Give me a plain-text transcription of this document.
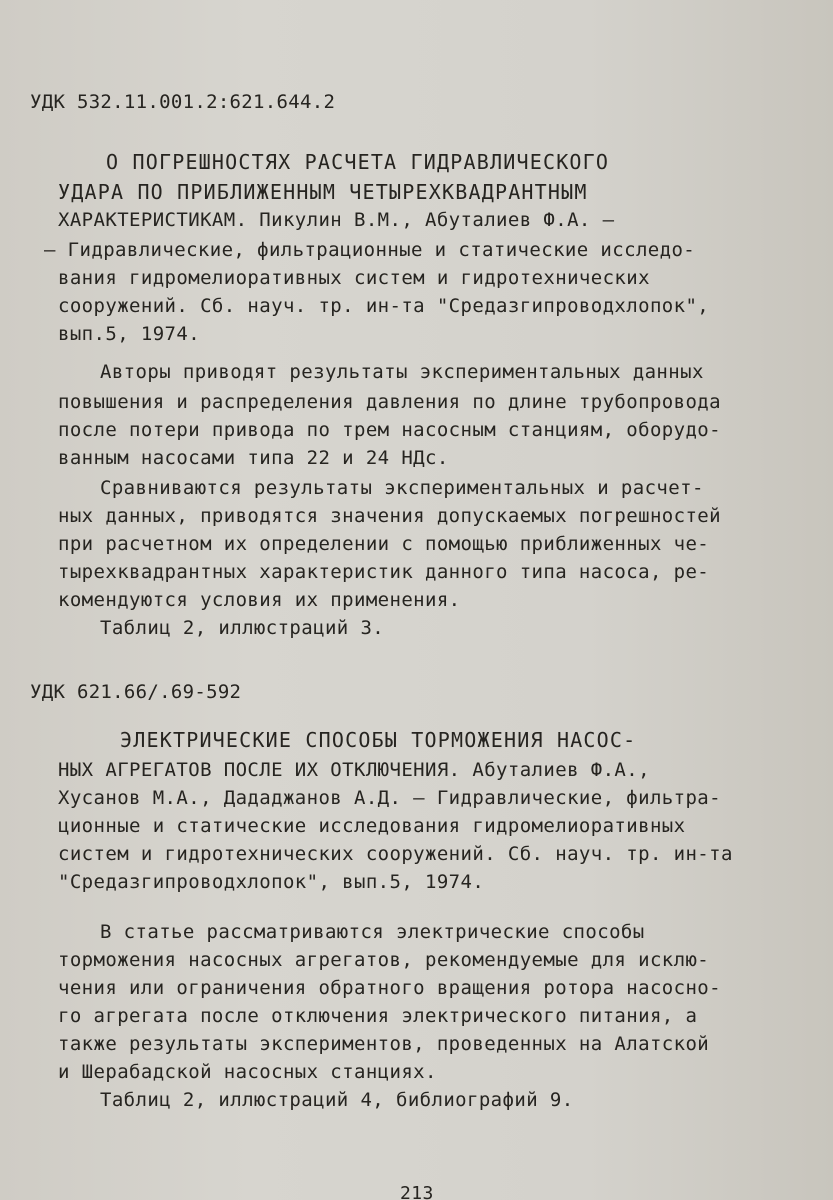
УДК 532.11.001.2:621.644.2
О ПОГРЕШНОСТЯХ РАСЧЕТА ГИДРАВЛИЧЕСКОГО
УДАРА ПО ПРИБЛИЖЕННЫМ ЧЕТЫРЕХКВАДРАНТНЫМ
ХАРАКТЕРИСТИКАМ. Пикулин В.М., Абуталиев Ф.А. –
– Гидравлические, фильтрационные и статические исследо-
вания гидромелиоративных систем и гидротехнических
сооружений. Сб. науч. тр. ин-та "Средазгипроводхлопок",
вып.5, 1974.
Авторы приводят результаты экспериментальных данных
повышения и распределения давления по длине трубопровода
после потери привода по трем насосным станциям, оборудо-
ванным насосами типа 22 и 24 НДс.
Сравниваются результаты экспериментальных и расчет-
ных данных, приводятся значения допускаемых погрешностей
при расчетном их определении с помощью приближенных че-
тырехквадрантных характеристик данного типа насоса, ре-
комендуются условия их применения.
Таблиц 2, иллюстраций 3.
УДК 621.66/.69-592
ЭЛЕКТРИЧЕСКИЕ СПОСОБЫ ТОРМОЖЕНИЯ НАСОС-
НЫХ АГРЕГАТОВ ПОСЛЕ ИХ ОТКЛЮЧЕНИЯ. Абуталиев Ф.А.,
Хусанов М.А., Дададжанов А.Д. – Гидравлические, фильтра-
ционные и статические исследования гидромелиоративных
систем и гидротехнических сооружений. Сб. науч. тр. ин-та
"Средазгипроводхлопок", вып.5, 1974.
В статье рассматриваются электрические способы
торможения насосных агрегатов, рекомендуемые для исклю-
чения или ограничения обратного вращения ротора насосно-
го агрегата после отключения электрического питания, а
также результаты экспериментов, проведенных на Алатской
и Шерабадской насосных станциях.
Таблиц 2, иллюстраций 4, библиографий 9.
213
